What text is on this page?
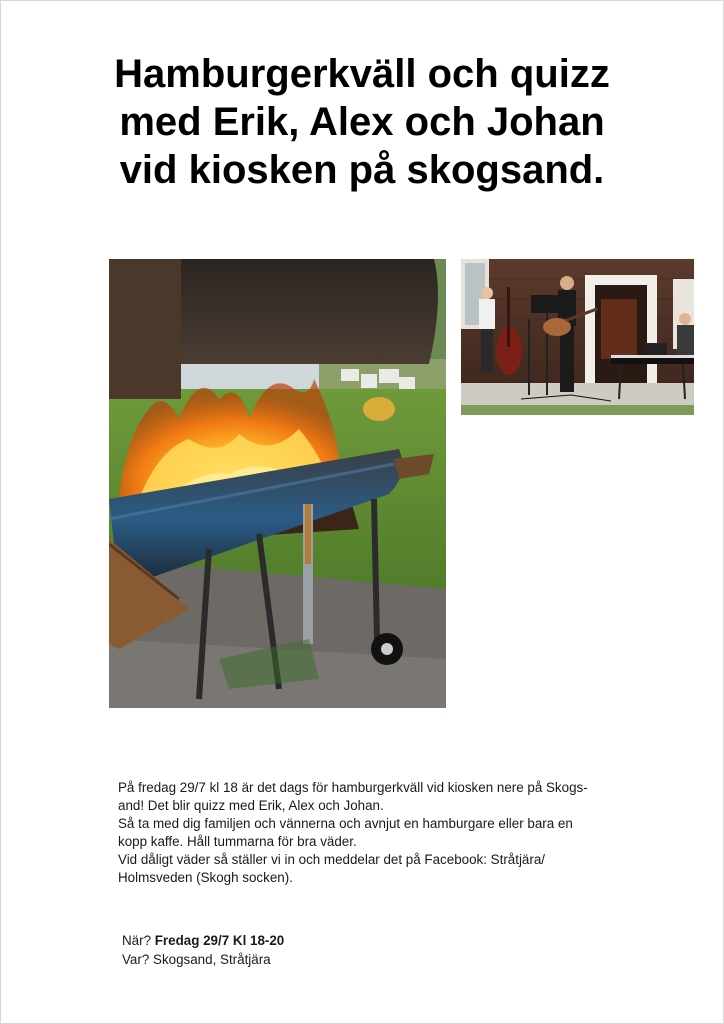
Hamburgerkväll och quizz
med Erik, Alex och Johan
vid kiosken på skogsand.

På fredag 29/7 kl 18 är det dags för hamburgerkväll vid kiosken nere på Skogs-

and! Det blir quizz med Erik, Alex och Johan.

Så ta med dig familjen och vännerna och avnjut en hamburgare eller bara en

kopp kaffe. Håll tummarna för bra väder.

Vid dåligt väder så ställer vi in och meddelar det på Facebook: Stråtjära/

Holmsveden (Skogh socken).

När? Fredag 29/7 Kl 18-20
Var? Skogsand, Stråtjära
